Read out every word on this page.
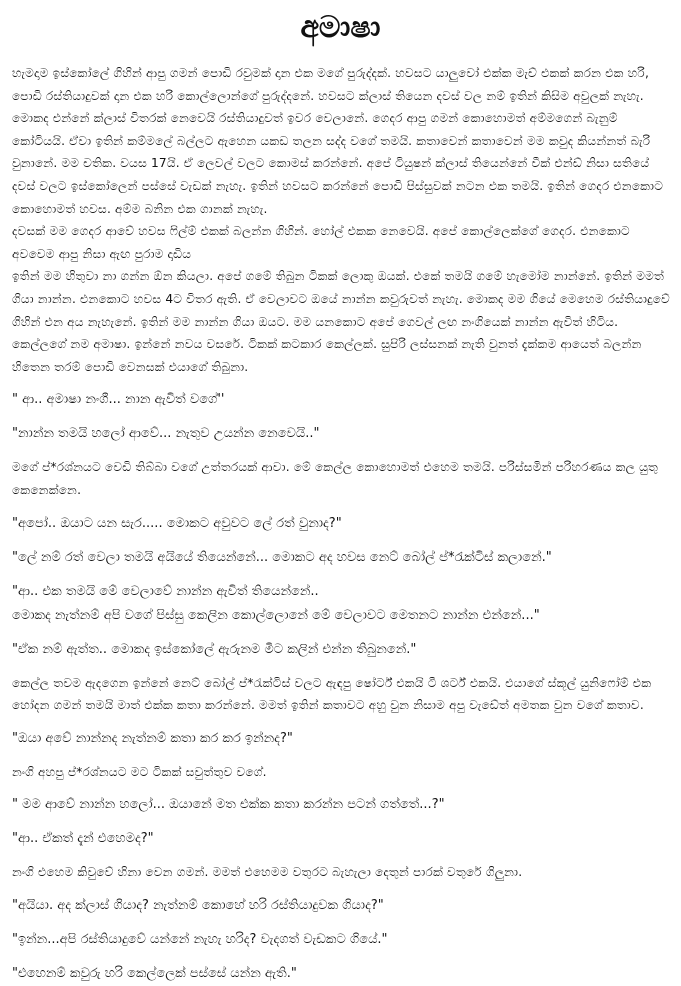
අමාෂා

හැමදාම ඉස්කෝලේ ගිහින් ආපු ගමන් පොඩි රවුමක් දාන එක මගේ පුරුද්දක්. හවසට යාලුවෝ එක්ක මැච් එකක් කරන එක හරි, පොඩි රස්තියාදුවක් දාන එක හරි කොල්ලොන්ගේ පුරුද්දනේ. හවසට ක්ලාස් තියෙන දවස් වල නම් ඉතින් කිසිම අවුලක් නැහැ. මොකද එන්නේ ක්ලාස් විතරක් නෙවෙයි රස්තියාදුවත් ඉවර වෙලානේ. ගෙදර ආපු ගමන් කොහොමත් අම්මගෙන් බැනුම් කෝටියයි. ඒවා ඉතින් කම්මලේ බල්ලට ඇහෙන යකඩ තලන සද්ද වගේ තමයි. කතාවෙන් කතාවෙන් මම කවුද කියන්නත් බැරි වුනානේ. මම චතික. වයස 17යි. ඒ ලෙවල් වලට කොමස් කරන්නේ. අපේ ටියුෂන් ක්ලාස් තියෙන්නේ වීක් එන්ඩ් නිසා සතියේ දවස් වලට ඉස්කෝලෙන් පස්සේ වැඩක් නැහැ. ඉතින් හවසට කරන්නේ පොඩි පිස්සුවක් නටන එක තමයි. ඉතින් ගෙදර එනකොට කොහොමත් හවස. අම්ම බනින එක ගානක් නැහැ.

දවසක් මම ගෙදර ආවේ හවස ෆිල්ම් එකක් බලන්න ගිහින්. හෝල් එකක නෙවෙයි. අපේ කොල්ලෙක්ගේ ගෙදර. එනකොට අවවෙම ආපු නිසා ඇඟ පුරාම දාඩිය

ඉතින් මම හිතුවා නා ගන්න ඕන කියලා. අපේ ගමේ තිබුන ටිකක් ලොකු ඔයක්. එකේ තමයි ගමේ හැමෝම නාන්නේ. ඉතින් මමත් ගියා නාන්න. එනකොට හවස 4ට විතර ඇති. ඒ වෙලාවට ඔයේ නාන්න කවුරුවත් නැහැ. මොකද මම ගියේ මෙහෙම රස්තියාදුවේ ගිහින් එන අය නැහැනේ. ඉතින් මම නාන්න ගියා ඔයට. මම යනකොට අපේ ගෙවල් ලඟ නංගියෙක් නාන්න ඇවිත් හිටිය. කෙල්ලගේ නම අමාෂා. ඉන්නේ නවය වසරේ. ටිකක් කටකාර කෙල්ලක්. සුපිරි ලස්සනක් නැති වුනත් දැක්කම ආයෙත් බලන්න හිතෙන තරම් පොඩි වෙනසක් එයාගේ තිබුනා.

" ආ.. අමාෂා නංගී... නාන ඇවිත් වගේ''

"නාන්න තමයි හලෝ ආවේ... නැතුව උයන්න නෙවෙයි.."

මගේ ප්*රශ්නයට වෙඩි තිබ්බා වගේ උත්තරයක් ආවා. මේ කෙල්ල කොහොමත් එහෙම තමයි. පරිස්සමින් පරිහරණය කල යුතු කෙනෙක්නෙ.

"අපෝ.. ඔයාට යන සැර..... මොකට අවුවට ලේ රත් වුනාද?"

"ලේ නම් රත් වෙලා තමයි අයියේ තියෙන්නේ... මොකට අද හවස නෙට් බෝල් ප්*රැක්ටිස් කලානේ."

"ආ.. එක තමයි මේ වෙලාවේ නාන්න ඇවිත් තියෙන්නේ..

මොකද නැත්නම් අපි වගේ පිස්සු කෙලින කොල්ලොනේ මේ වෙලාවට මෙතනට නාන්න එන්නේ..."

"ඒක නම් ඇත්ත.. මොකද ඉස්කෝලේ ඇරුනම මීට කලින් එන්න තිබුනනේ."

කෙල්ල තවම ඇදගෙන ඉන්නේ නෙට් බෝල් ප්*රැක්ටිස් වලට ඇඳපු ෂෝර්ට් එකයි ටී ශර්ට් එකයි. එයාගේ ස්කූල් යුනිෆෝම් එක හෝදන ගමන් තමයි මාත් එක්ක කතා කරන්නේ. මමත් ඉතින් කතාවට අහු වුන නිසාම අපු වැඩේත් අමතක වුන වගේ කතාව.

"ඔයා අවේ නාන්නද නැත්නම් කතා කර කර ඉන්නද?"

නංගි අහපු ප්*රශ්නයට මට ටිකක් සවුත්තුව වගේ.

" මම ආවේ නාන්න හලෝ... ඔයානේ මත එක්ක කතා කරන්න පටන් ගත්තේ...?"

"ආ.. ඒකත් දැන් එහෙමද?"

නංගි එහෙම කිවුවේ හිනා වෙන ගමන්. මමත් එහෙමම වතුරට බැහැලා දෙතුන් පාරක් වතුරේ ගිලුනා.

"අයියා. අද ක්ලාස් ගියාද? නැත්නම් කොහේ හරි රස්තියාදුවක ගියාද?"

"ඉන්න...අපි රස්තියාදුවේ යන්නේ නැහැ හරිද? වැදගත් වැඩකට ගියේ."

"එහෙනම් කවුරු හරි කෙල්ලෙක් පස්සේ යන්න ඇති."
